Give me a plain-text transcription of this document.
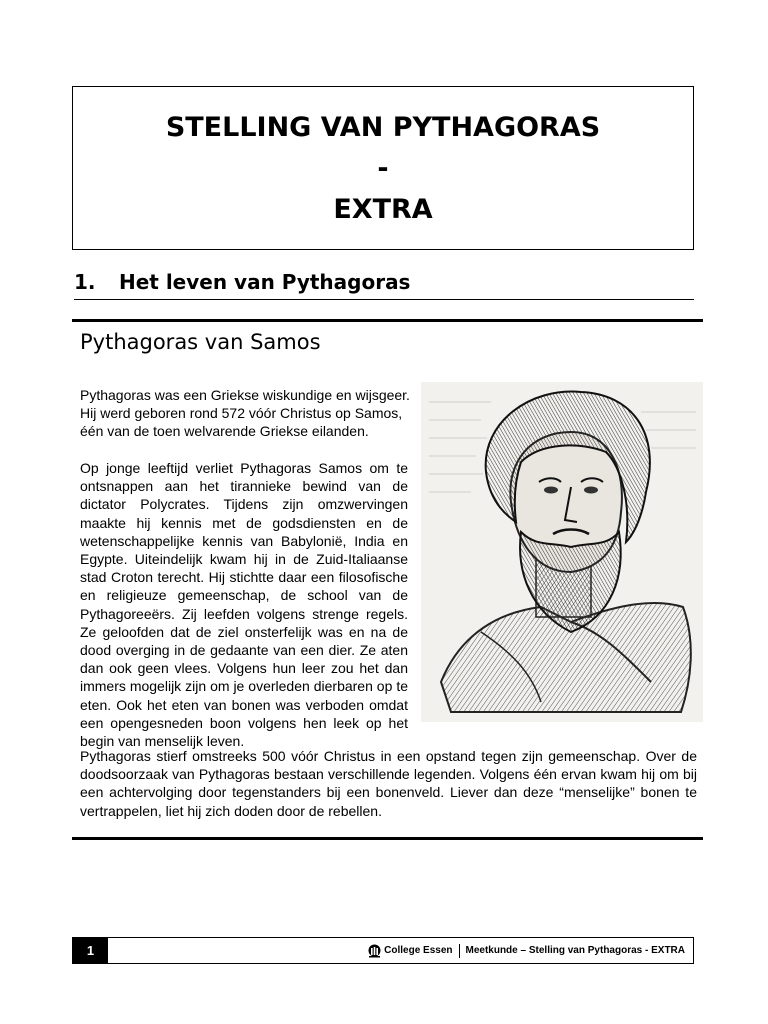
STELLING VAN PYTHAGORAS
-
EXTRA
1.	Het leven van Pythagoras
Pythagoras van Samos

Pythagoras was een Griekse wiskundige en wijsgeer. Hij werd geboren rond 572 vóór Christus op Samos, één van de toen welvarende Griekse eilanden.

Op jonge leeftijd verliet Pythagoras Samos om te ontsnappen aan het tirannieke bewind van de dictator Polycrates. Tijdens zijn omzwervingen maakte hij kennis met de godsdiensten en de wetenschappelijke kennis van Babylonië, India en Egypte. Uiteindelijk kwam hij in de Zuid-Italiaanse stad Croton terecht. Hij stichtte daar een filosofische en religieuze gemeenschap, de school van de Pythagoreeërs. Zij leefden volgens strenge regels. Ze geloofden dat de ziel onsterfelijk was en na de dood overging in de gedaante van een dier. Ze aten dan ook geen vlees. Volgens hun leer zou het dan immers mogelijk zijn om je overleden dierbaren op te eten. Ook het eten van bonen was verboden omdat een opengesneden boon volgens hen leek op het begin van menselijk leven.

Pythagoras stierf omstreeks 500 vóór Christus in een opstand tegen zijn gemeenschap. Over de doodsoorzaak van Pythagoras bestaan verschillende legenden. Volgens één ervan kwam hij om bij een achtervolging door tegenstanders bij een bonenveld. Liever dan deze “menselijke” bonen te vertrappelen, liet hij zich doden door de rebellen.

1	College Essen Meetkunde – Stelling van Pythagoras - EXTRA
